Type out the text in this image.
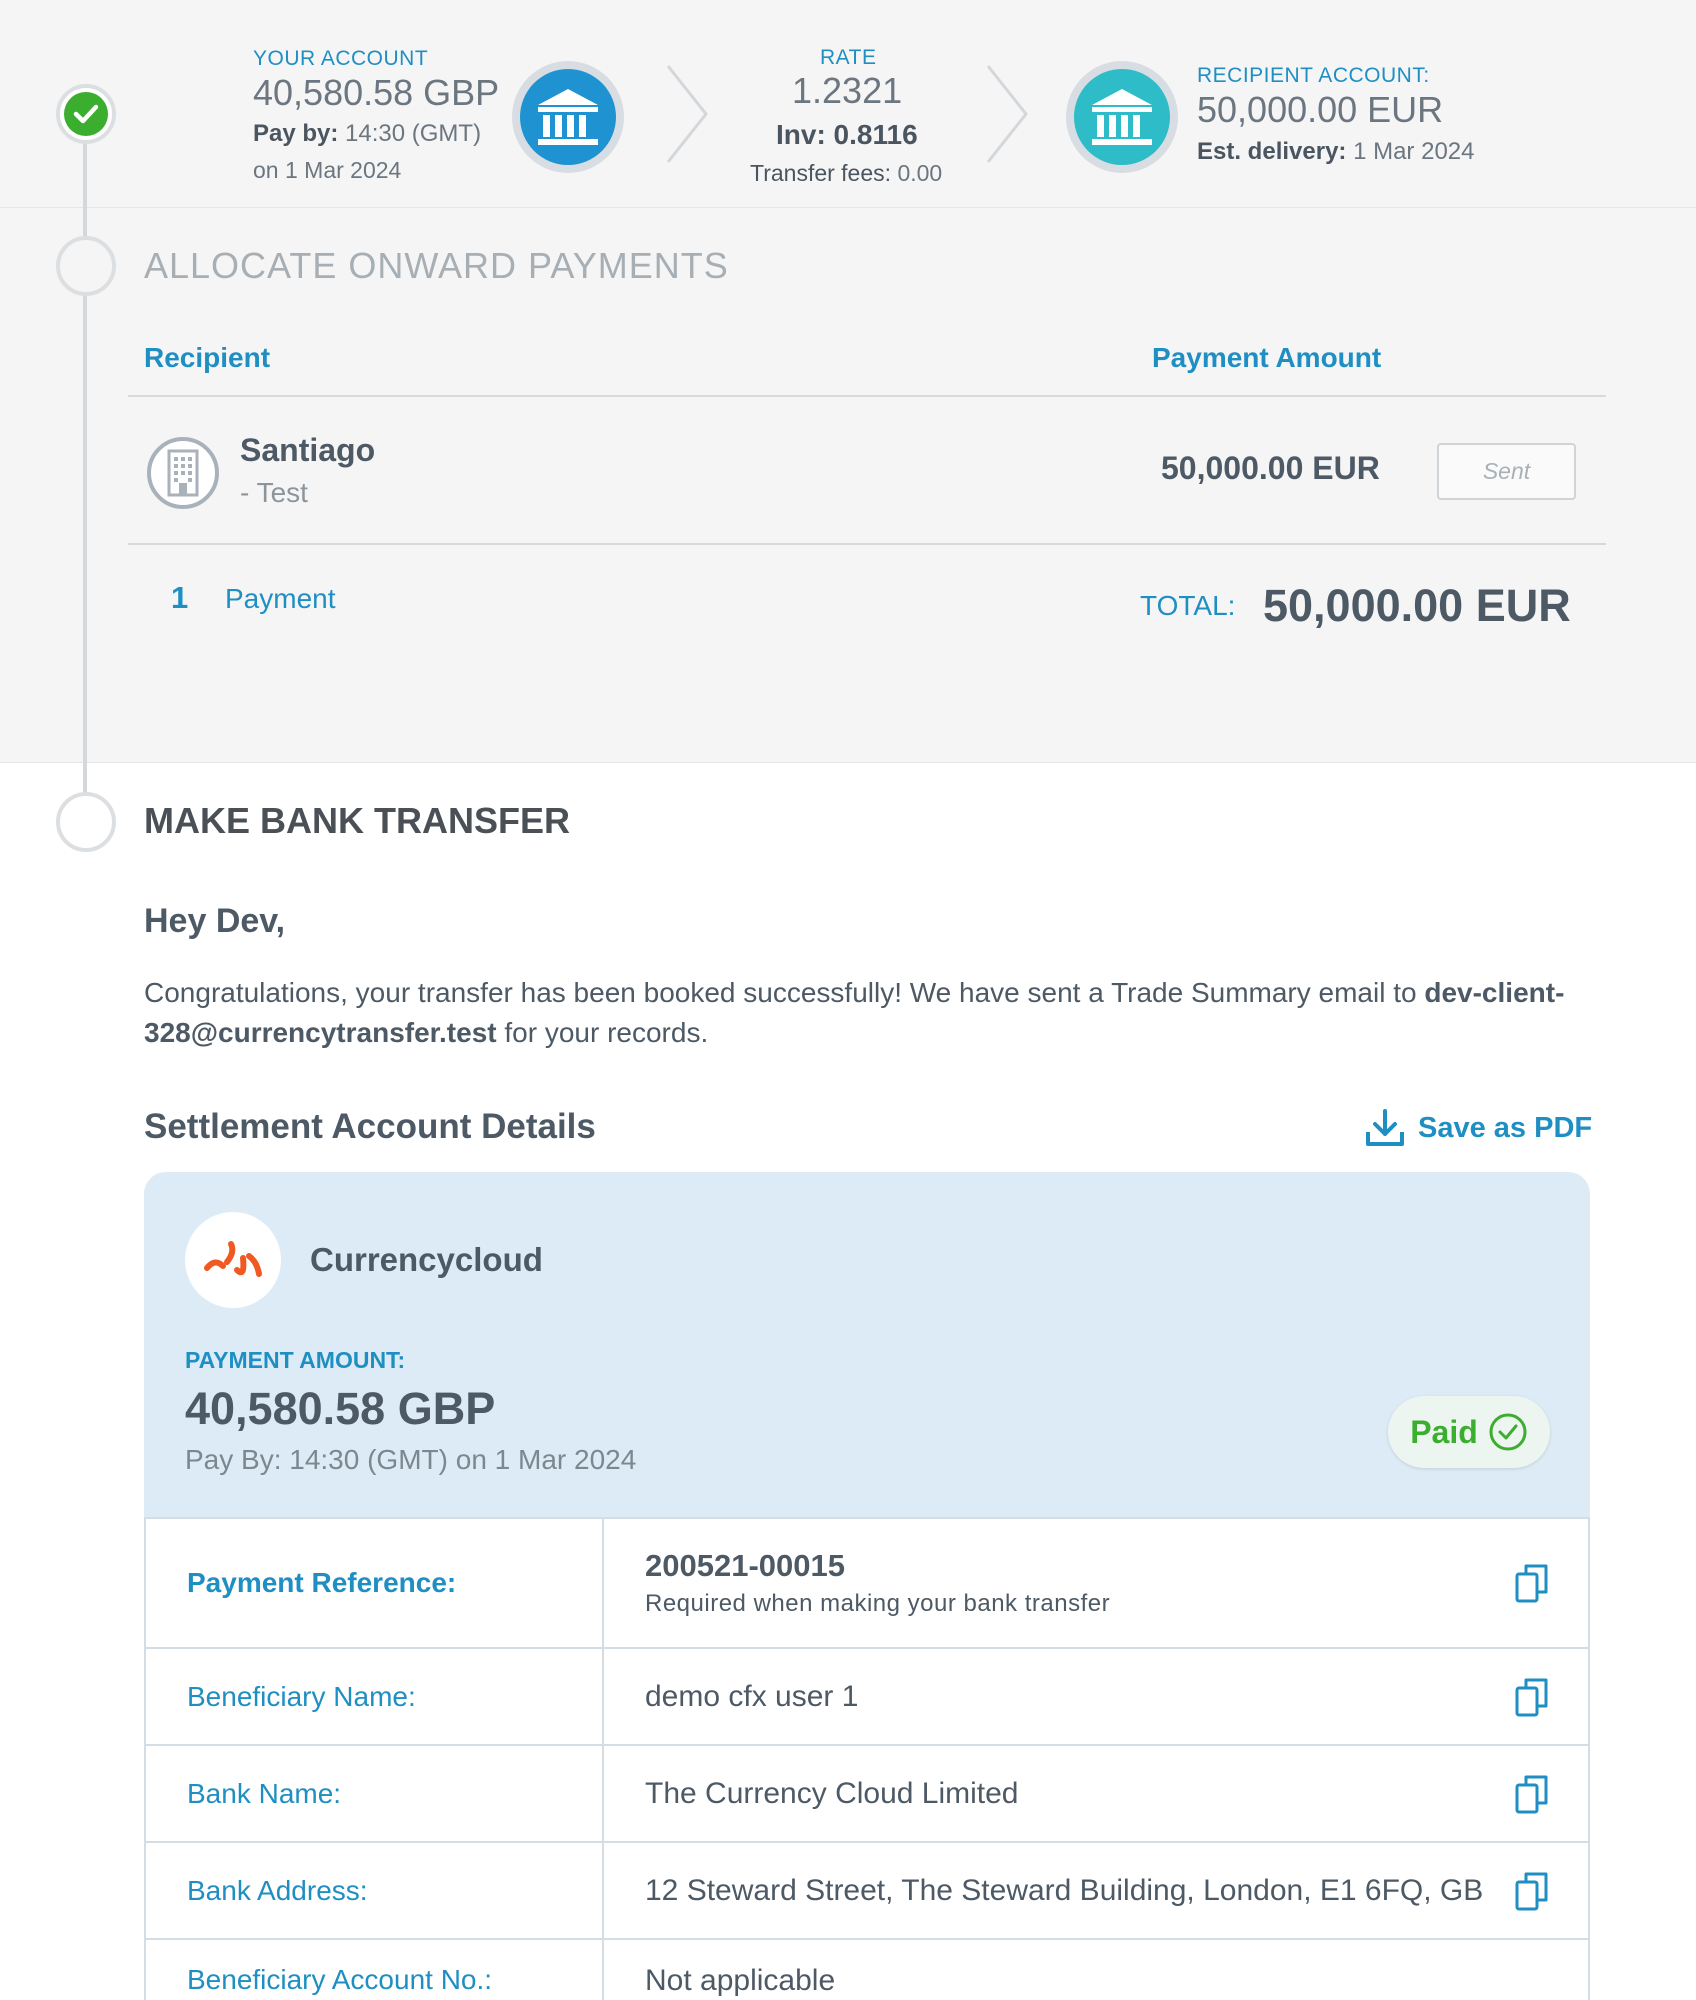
YOUR ACCOUNT
40,580.58 GBP
Pay by: 14:30 (GMT)
on 1 Mar 2024
RATE
1.2321
Inv: 0.8116
Transfer fees: 0.00
RECIPIENT ACCOUNT:
50,000.00 EUR
Est. delivery: 1 Mar 2024
ALLOCATE ONWARD PAYMENTS
Recipient	Payment Amount
Santiago
- Test
50,000.00 EUR	Sent
1 Payment	TOTAL: 50,000.00 EUR
MAKE BANK TRANSFER
Hey Dev,
Congratulations, your transfer has been booked successfully! We have sent a Trade Summary email to dev-client-328@currencytransfer.test for your records.
Settlement Account Details	Save as PDF
Currencycloud
PAYMENT AMOUNT:
40,580.58 GBP
Pay By: 14:30 (GMT) on 1 Mar 2024
Paid
Payment Reference:	200521-00015
Required when making your bank transfer

Beneficiary Name:	demo cfx user 1

Bank Name:	The Currency Cloud Limited

Bank Address:	12 Steward Street, The Steward Building, London, E1 6FQ, GB

Beneficiary Account No.:	Not applicable
